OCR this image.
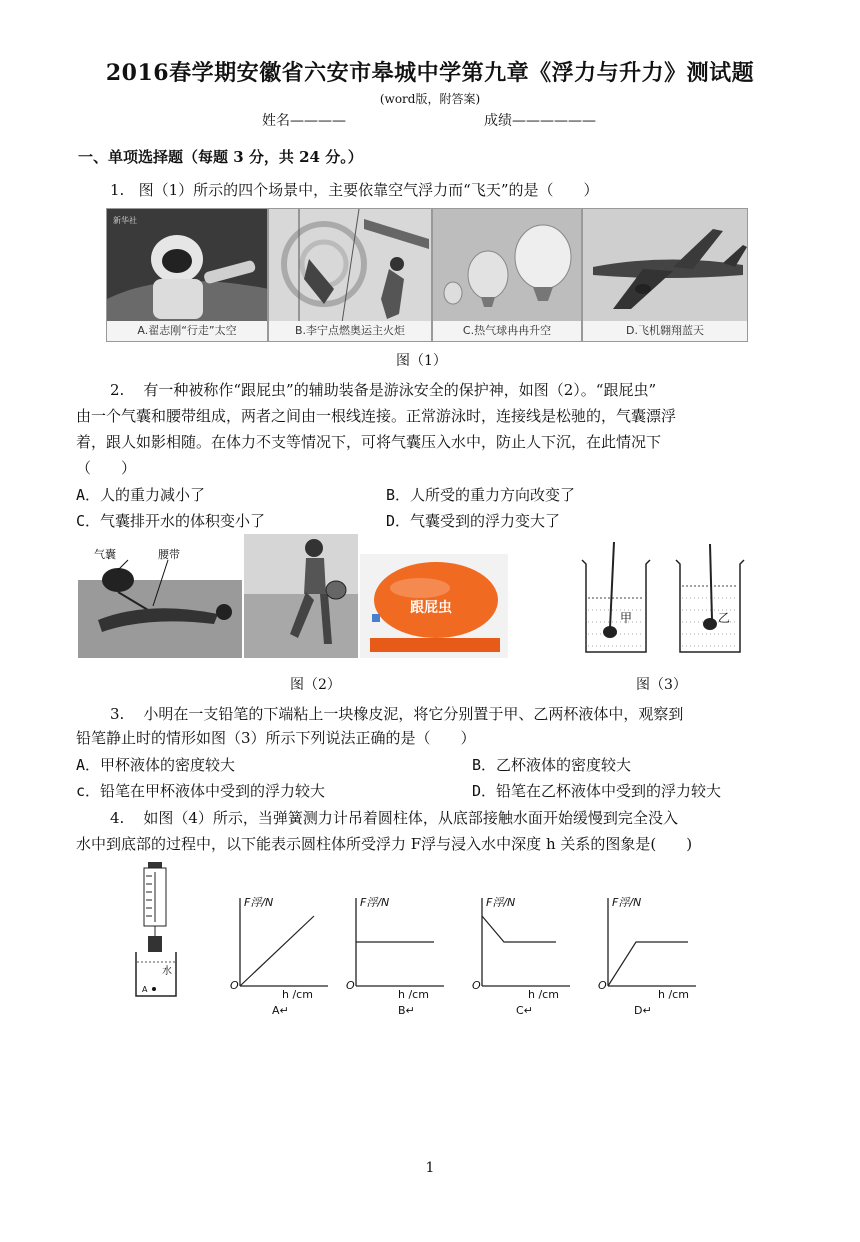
2016春学期安徽省六安市皋城中学第九章《浮力与升力》测试题
(word版，附答案)
姓名————	成绩——————
一、单项选择题（每题 3 分，共 24 分。）
1. 图（1）所示的四个场景中，主要依靠空气浮力而“飞天”的是（　　）
新华社
A.翟志刚“行走”太空	B.李宁点燃奥运主火炬	C.热气球冉冉升空	D.飞机翱翔蓝天
图（1）
2. 有一种被称作“跟屁虫”的辅助装备是游泳安全的保护神，如图（2）。“跟屁虫”
由一个气囊和腰带组成，两者之间由一根线连接。正常游泳时，连接线是松驰的，气囊漂浮
着，跟人如影相随。在体力不支等情况下，可将气囊压入水中，防止人下沉，在此情况下
（　　）
A．人的重力减小了	B．人所受的重力方向改变了
C．气囊排开水的体积变小了	D．气囊受到的浮力变大了
气囊	腰带
跟屁虫
图（2）
甲	乙
图（3）
3. 小明在一支铅笔的下端粘上一块橡皮泥，将它分别置于甲、乙两杯液体中，观察到
铅笔静止时的情形如图（3）所示下列说法正确的是（　　）
A．甲杯液体的密度较大	B．乙杯液体的密度较大
c．铅笔在甲杯液体中受到的浮力较大	D．铅笔在乙杯液体中受到的浮力较大
4. 如图（4）所示，当弹簧测力计吊着圆柱体，从底部接触水面开始缓慢到完全没入
水中到底部的过程中，以下能表示圆柱体所受浮力 F浮与浸入水中深度 h 关系的图象是(　　)
水
A
F浮/N
O
h /cm
A↵
F浮/N
O
h /cm
B↵
F浮/N
O
h /cm
C↵
F浮/N
O
h /cm
D↵
1
